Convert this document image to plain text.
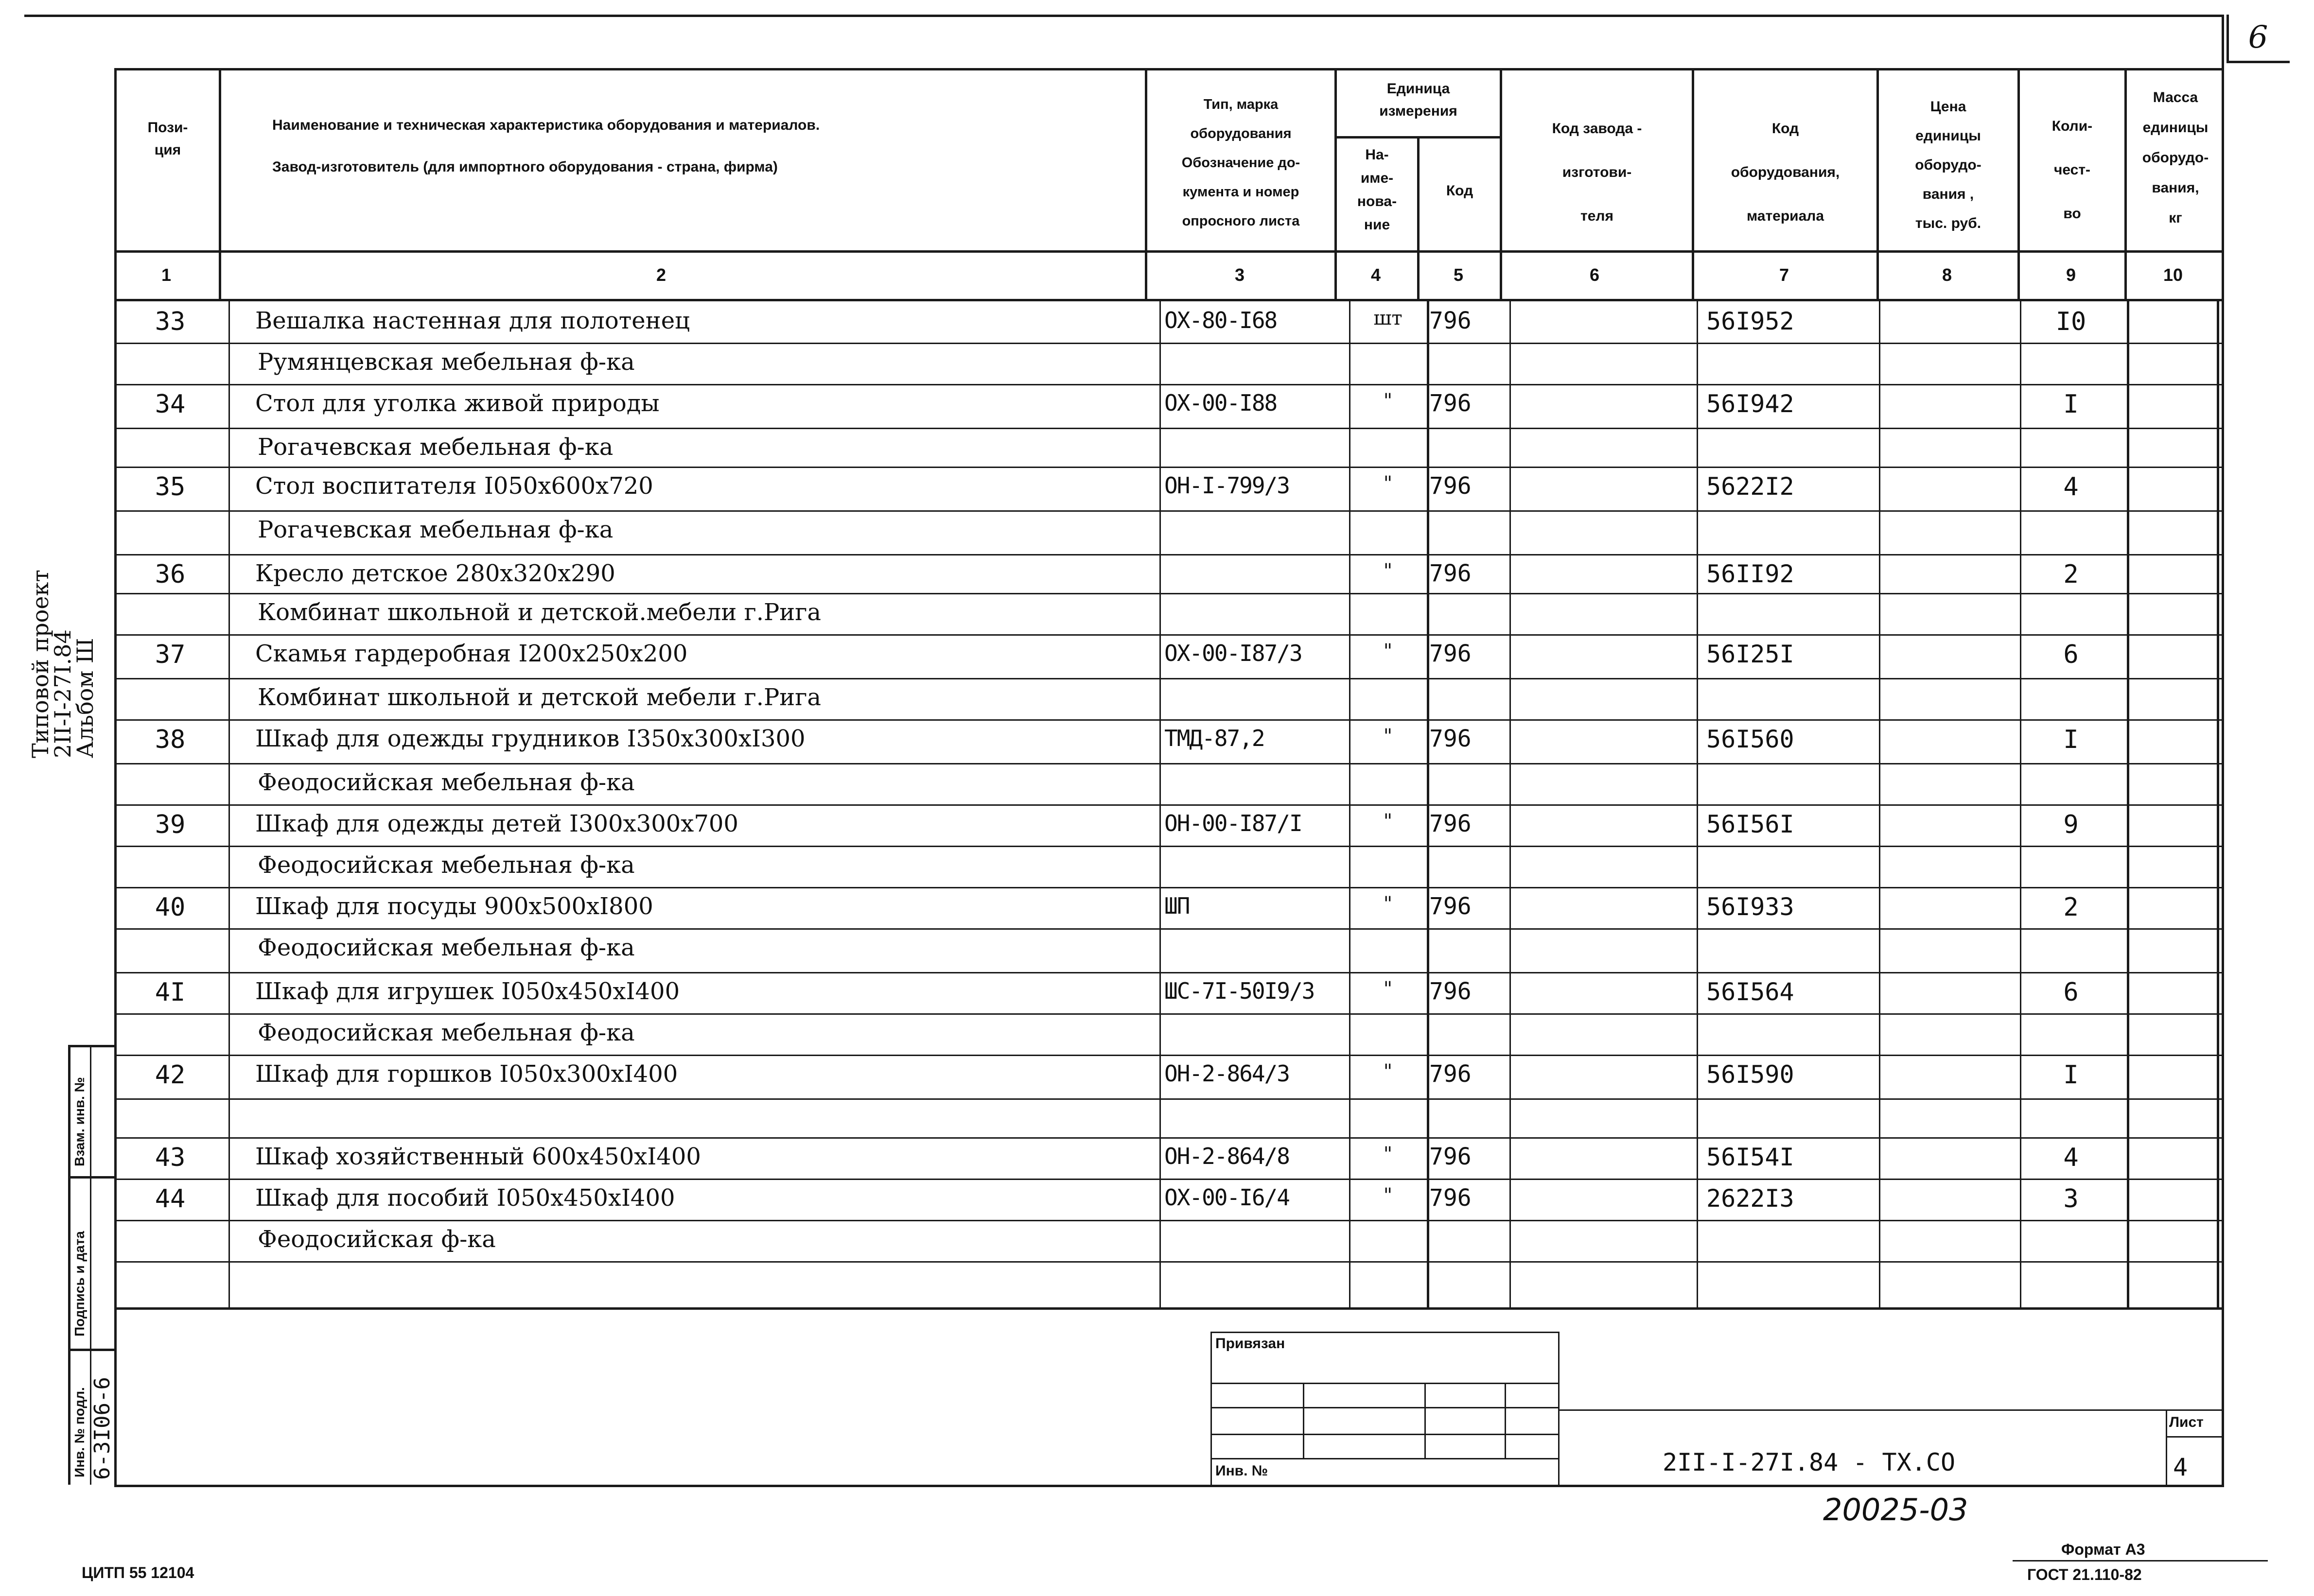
6
Пози-
ция
Наименование и техническая характеристика оборудования и материалов.
Завод-изготовитель (для импортного оборудования - страна, фирма)
Тип, марка
оборудования
Обозначение до-
кумента и номер
опросного листа
Единица
измерения
На-
име-
нова-
ние
Код
Код завода -
изготови-
теля
Код
оборудования,
материала
Цена
единицы
оборудо-
вания ,
тыс. руб.
Коли-
чест-
во
Масса
единицы
оборудо-
вания,
кг
1	2	3	4	5	6	7	8	9	10
33	Вешалка настенная для полотенец	ОХ-80-I68	шт	796	56I952	I0
Румянцевская мебельная ф-ка
34	Стол для уголка живой природы	ОХ-00-I88	"	796	56I942	I
Рогачевская мебельная ф-ка
35	Стол воспитателя I050х600х720	ОН-I-799/3	"	796	5622I2	4
Рогачевская мебельная ф-ка
36	Кресло детское 280х320х290	"	796	56II92	2
Комбинат школьной и детской.мебели г.Рига
37	Скамья гардеробная I200х250х200	ОХ-00-I87/3	"	796	56I25I	6
Комбинат школьной и детской мебели г.Рига
38	Шкаф для одежды грудников I350х300хI300	ТМД-87,2	"	796	56I560	I
Феодосийская мебельная ф-ка
39	Шкаф для одежды детей I300х300х700	ОН-00-I87/I	"	796	56I56I	9
Феодосийская мебельная ф-ка
40	Шкаф для посуды 900х500хI800	ШП	"	796	56I933	2
Феодосийская мебельная ф-ка
4I	Шкаф для игрушек I050х450хI400	ШС-7I-50I9/3	"	796	56I564	6
Феодосийская мебельная ф-ка
42	Шкаф для горшков I050х300хI400	ОН-2-864/3	"	796	56I590	I
43	Шкаф хозяйственный 600х450хI400	ОН-2-864/8	"	796	56I54I	4
44	Шкаф для пособий I050х450хI400	ОХ-00-I6/4	"	796	2622I3	3
Феодосийская ф-ка
Взам. инв. №
Подпись и дата
Инв. № подл. 6-3I06-6
Типовой проект
2II-I-27I.84
Альбом Ш
Привязан
Инв. №	2II-I-27I.84 - ТХ.СО
Лист
4
20025-03
Формат А3
ГОСТ 21.110-82
ЦИТП 55 12104
